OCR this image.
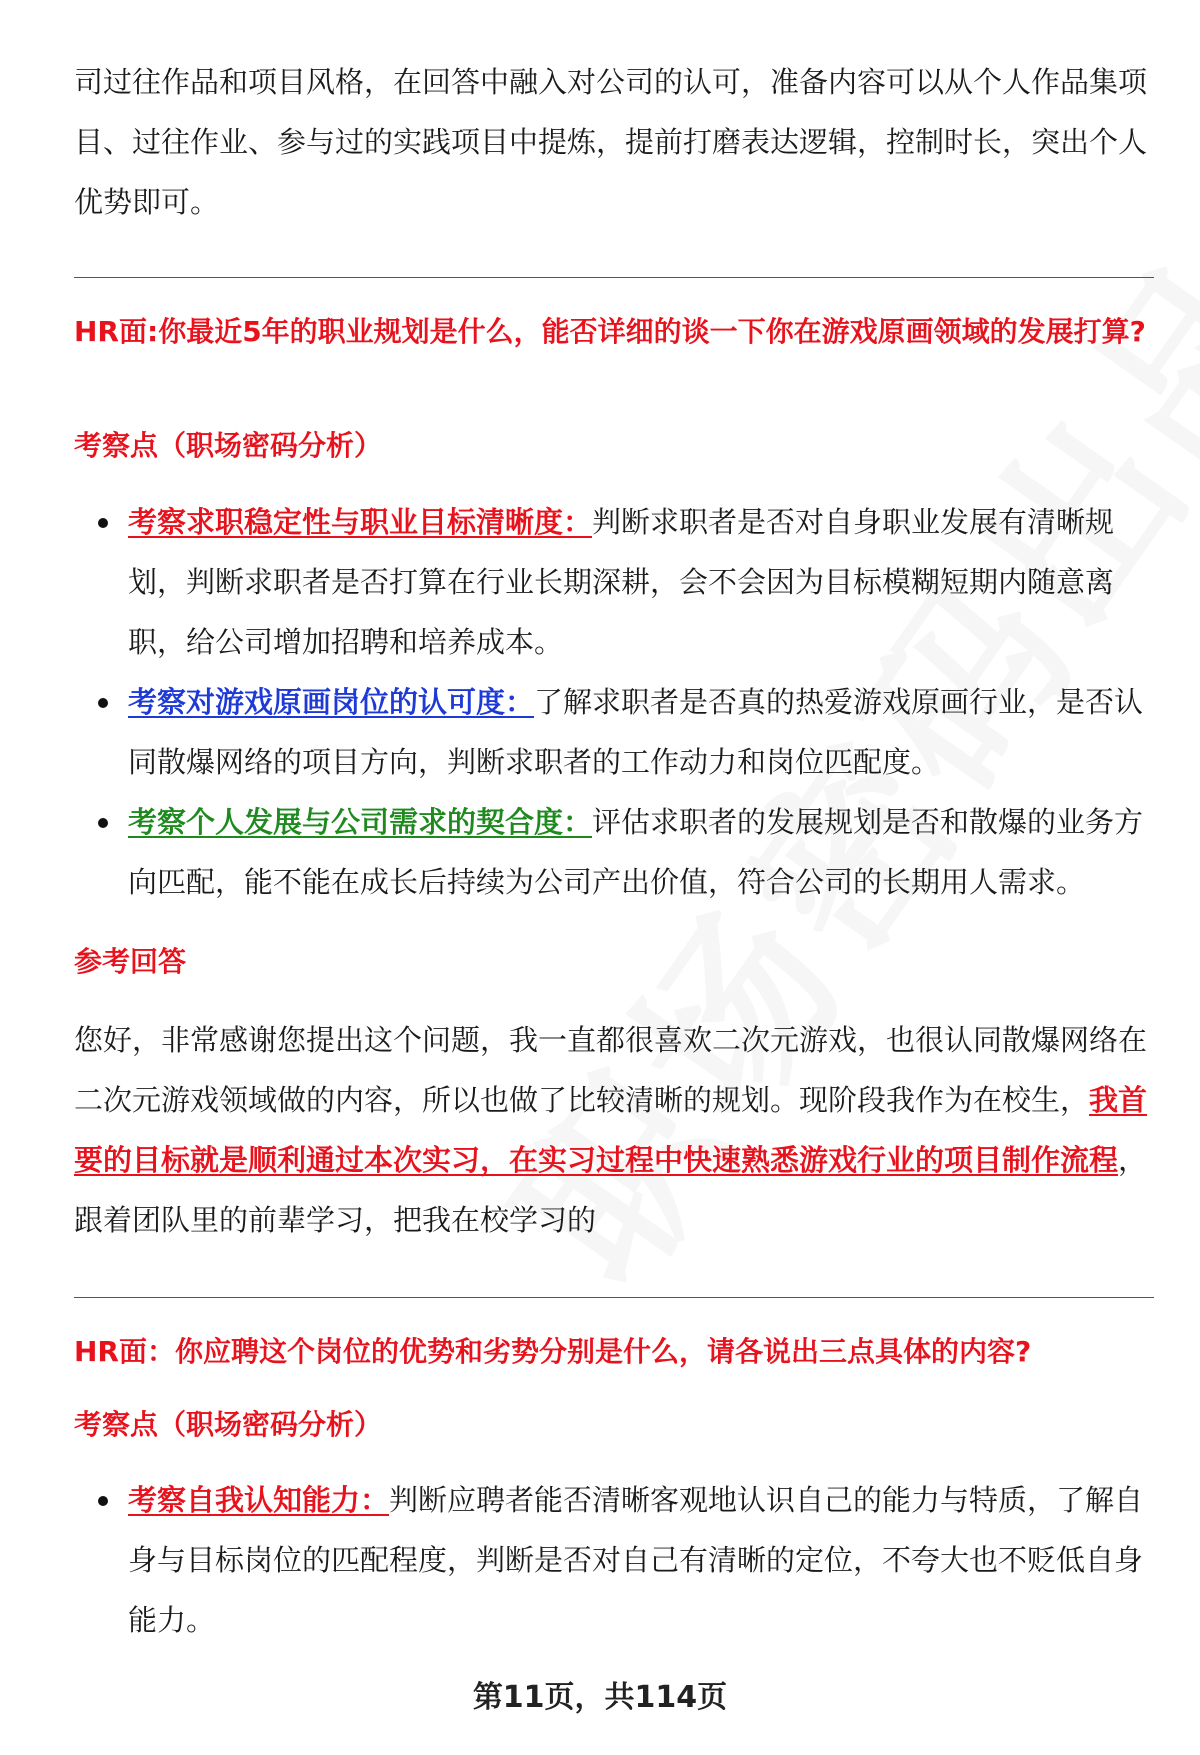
司过往作品和项目风格，在回答中融入对公司的认可，准备内容可以从个人作品集项目、过往作业、参与过的实践项目中提炼，提前打磨表达逻辑，控制时长，突出个人优势即可。

HR面:你最近5年的职业规划是什么，能否详细的谈一下你在游戏原画领域的发展打算?
考察点（职场密码分析）
考察求职稳定性与职业目标清晰度：判断求职者是否对自身职业发展有清晰规划，判断求职者是否打算在行业长期深耕，会不会因为目标模糊短期内随意离职，给公司增加招聘和培养成本。
考察对游戏原画岗位的认可度：了解求职者是否真的热爱游戏原画行业，是否认同散爆网络的项目方向，判断求职者的工作动力和岗位匹配度。
考察个人发展与公司需求的契合度：评估求职者的发展规划是否和散爆的业务方向匹配，能不能在成长后持续为公司产出价值，符合公司的长期用人需求。
参考回答

您好，非常感谢您提出这个问题，我一直都很喜欢二次元游戏，也很认同散爆网络在二次元游戏领域做的内容，所以也做了比较清晰的规划。现阶段我作为在校生，我首要的目标就是顺利通过本次实习，在实习过程中快速熟悉游戏行业的项目制作流程，跟着团队里的前辈学习，把我在校学习的

HR面：你应聘这个岗位的优势和劣势分别是什么，请各说出三点具体的内容?
考察点（职场密码分析）
考察自我认知能力：判断应聘者能否清晰客观地认识自己的能力与特质，了解自身与目标岗位的匹配程度，判断是否对自己有清晰的定位，不夸大也不贬低自身能力。
第11页，共114页
